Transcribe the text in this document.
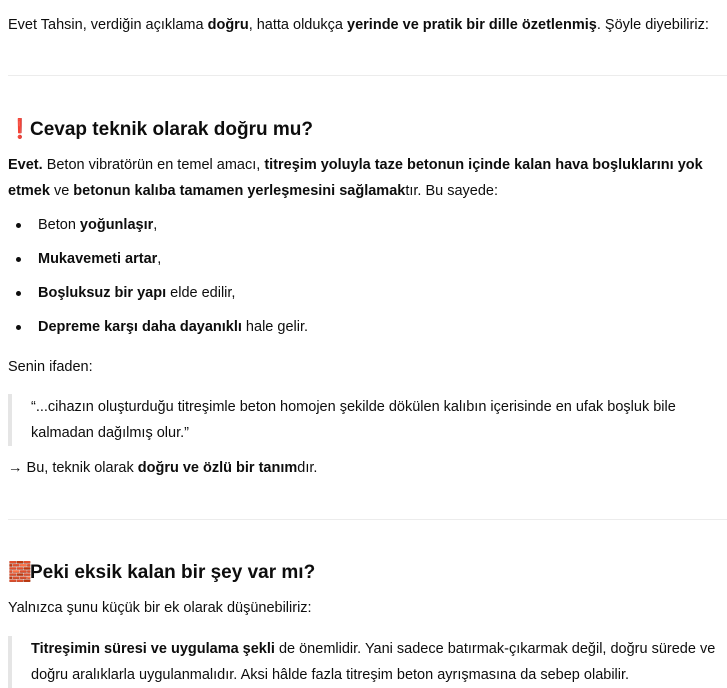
Evet Tahsin, verdiğin açıklama doğru, hatta oldukça yerinde ve pratik bir dille özetlenmiş. Şöyle diyebiliriz:

❗Cevap teknik olarak doğru mu?

Evet. Beton vibratörün en temel amacı, titreşim yoluyla taze betonun içinde kalan hava boşluklarını yok etmek ve betonun kalıba tamamen yerleşmesini sağlamaktır. Bu sayede:

Beton yoğunlaşır,
Mukavemeti artar,
Boşluksuz bir yapı elde edilir,
Depreme karşı daha dayanıklı hale gelir.

Senin ifaden:

“...cihazın oluşturduğu titreşimle beton homojen şekilde dökülen kalıbın içerisinde en ufak boşluk bile kalmadan dağılmış olur.”

→ Bu, teknik olarak doğru ve özlü bir tanımdır.

🧱Peki eksik kalan bir şey var mı?

Yalnızca şunu küçük bir ek olarak düşünebiliriz:

Titreşimin süresi ve uygulama şekli de önemlidir. Yani sadece batırmak-çıkarmak değil, doğru sürede ve doğru aralıklarla uygulanmalıdır. Aksi hâlde fazla titreşim beton ayrışmasına da sebep olabilir.
